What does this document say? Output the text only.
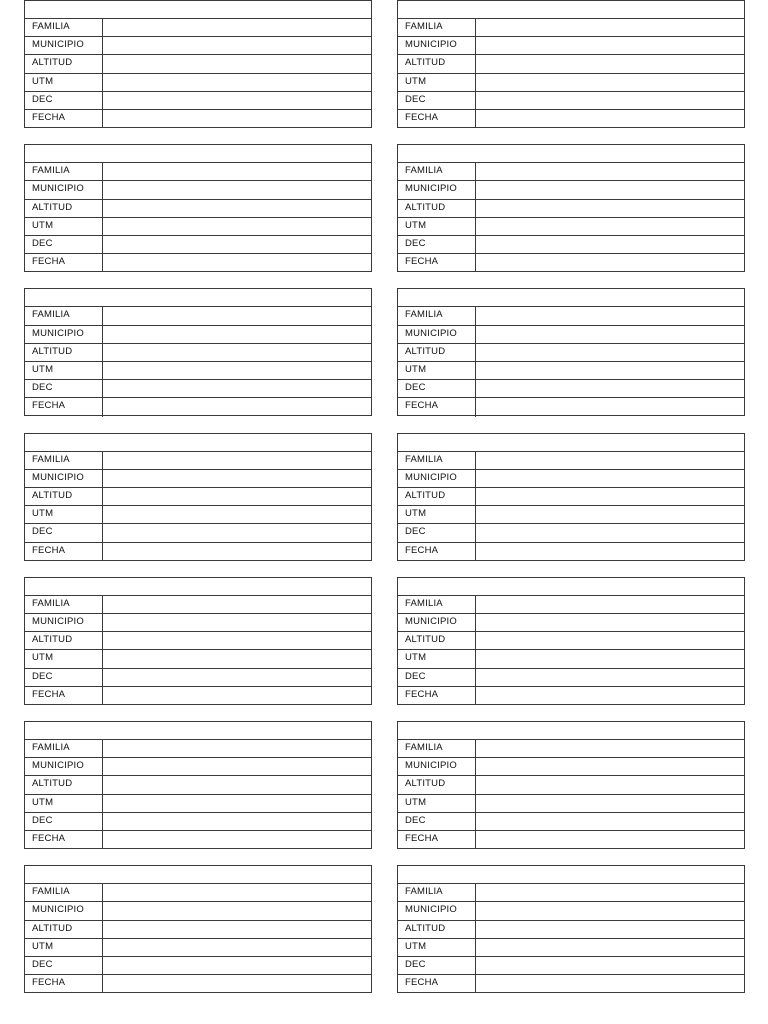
FAMILIA
MUNICIPIO
ALTITUD
UTM
DEC
FECHA
FAMILIA
MUNICIPIO
ALTITUD
UTM
DEC
FECHA
FAMILIA
MUNICIPIO
ALTITUD
UTM
DEC
FECHA
FAMILIA
MUNICIPIO
ALTITUD
UTM
DEC
FECHA
FAMILIA
MUNICIPIO
ALTITUD
UTM
DEC
FECHA
FAMILIA
MUNICIPIO
ALTITUD
UTM
DEC
FECHA
FAMILIA
MUNICIPIO
ALTITUD
UTM
DEC
FECHA
FAMILIA
MUNICIPIO
ALTITUD
UTM
DEC
FECHA
FAMILIA
MUNICIPIO
ALTITUD
UTM
DEC
FECHA
FAMILIA
MUNICIPIO
ALTITUD
UTM
DEC
FECHA
FAMILIA
MUNICIPIO
ALTITUD
UTM
DEC
FECHA
FAMILIA
MUNICIPIO
ALTITUD
UTM
DEC
FECHA
FAMILIA
MUNICIPIO
ALTITUD
UTM
DEC
FECHA
FAMILIA
MUNICIPIO
ALTITUD
UTM
DEC
FECHA
